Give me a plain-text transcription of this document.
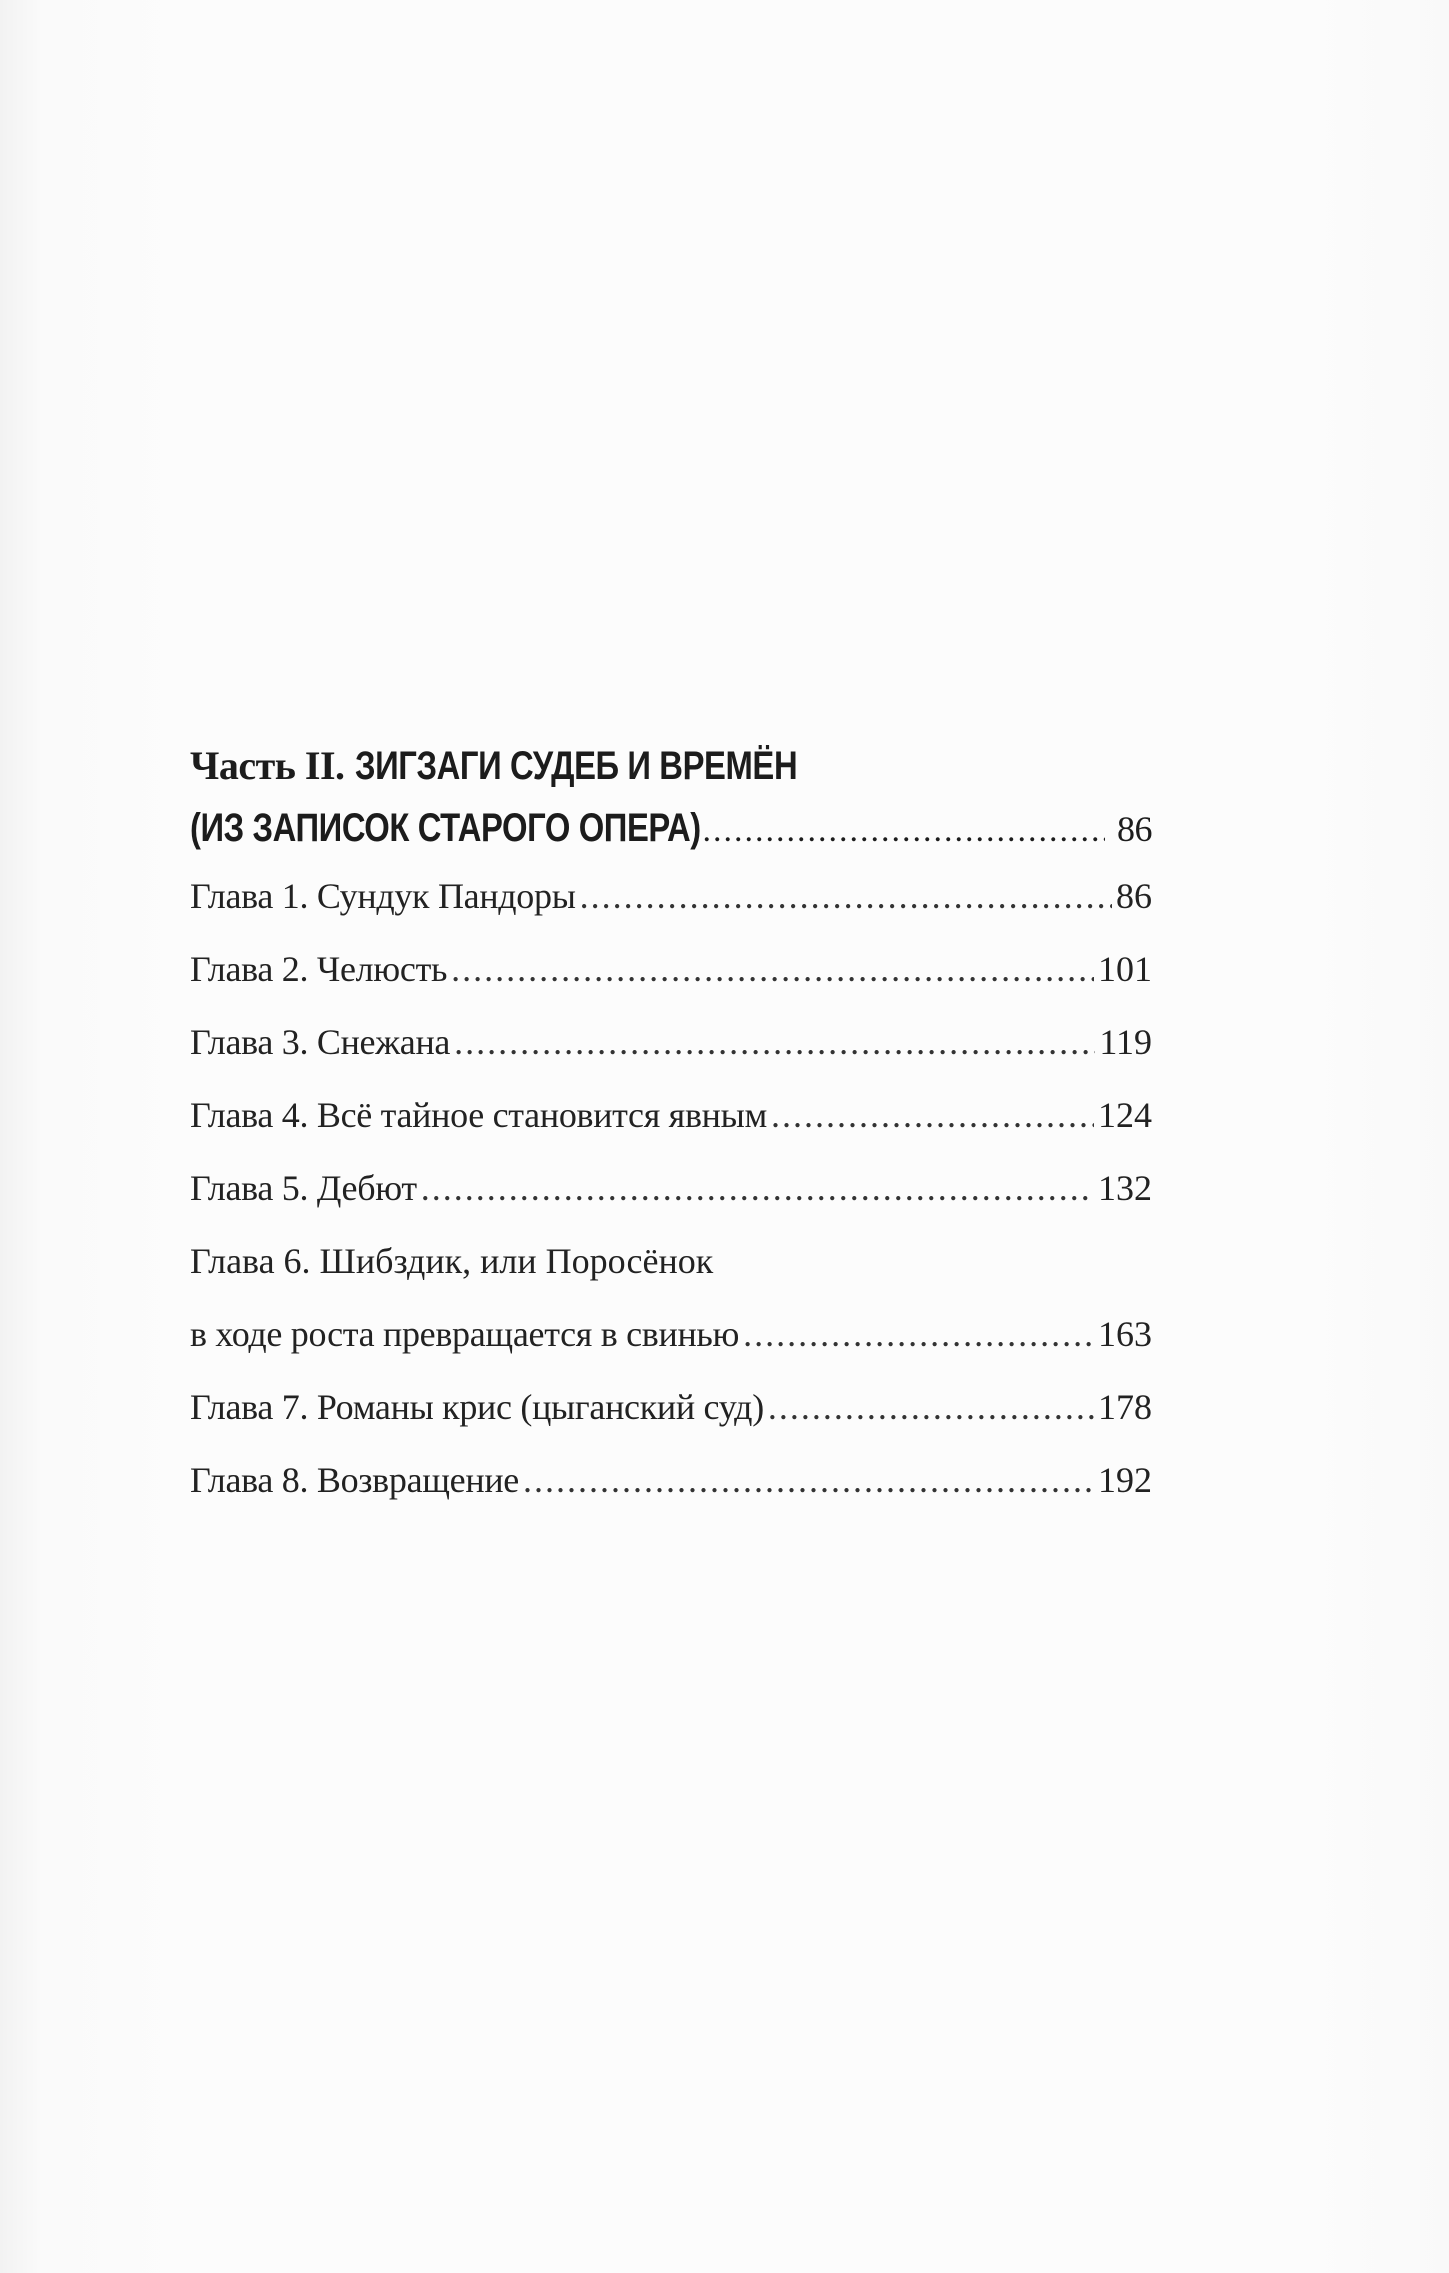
Часть II. ЗИГЗАГИ СУДЕБ И ВРЕМЁН
(ИЗ ЗАПИСОК СТАРОГО ОПЕРА) .....	86
Глава 1. Сундук Пандоры .....	86
Глава 2. Челюсть .....	101
Глава 3. Снежана .....	119
Глава 4. Всё тайное становится явным .....	124
Глава 5. Дебют .....	132
Глава 6. Шибздик, или Поросёнок
в ходе роста превращается в свинью .....	163
Глава 7. Романы крис (цыганский суд) .....	178
Глава 8. Возвращение .....	192
